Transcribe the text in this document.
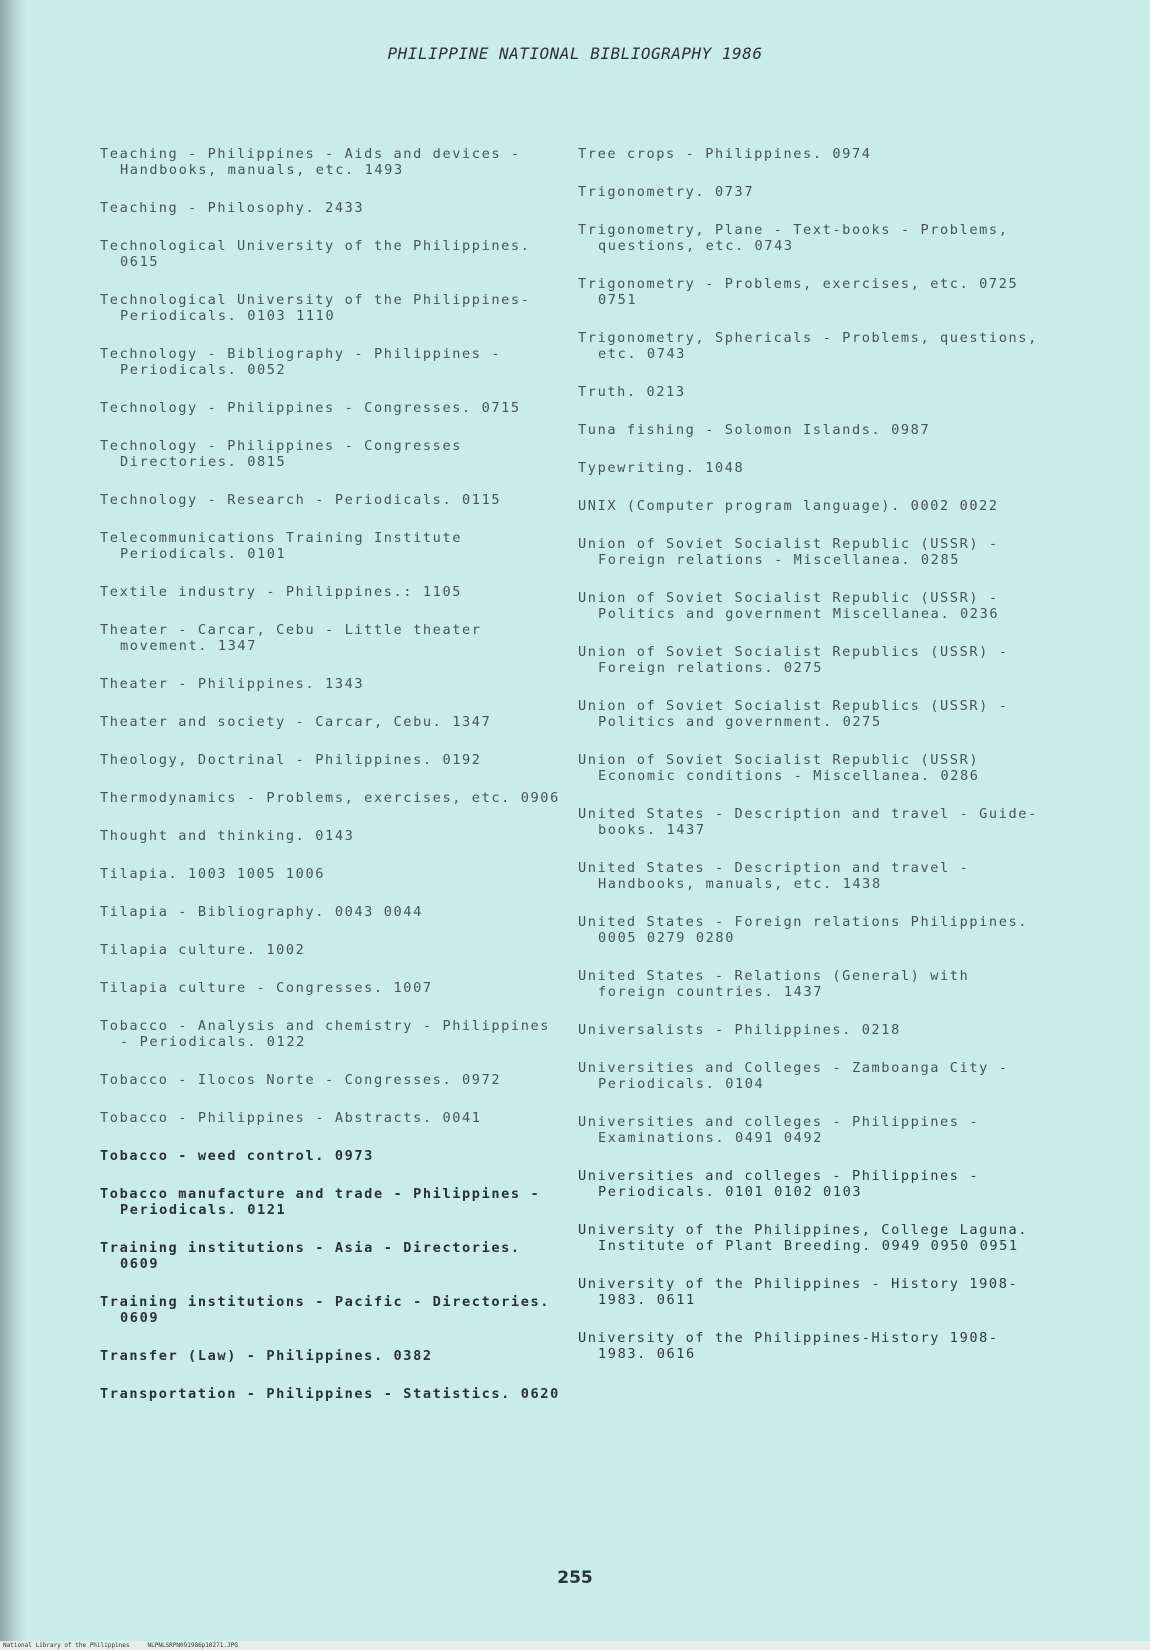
PHILIPPINE NATIONAL BIBLIOGRAPHY 1986
Teaching - Philippines - Aids and devices - Handbooks, manuals, etc. 1493
Teaching - Philosophy. 2433
Technological University of the Philippines. 0615
Technological University of the Philippines-Periodicals. 0103 1110
Technology - Bibliography - Philippines - Periodicals. 0052
Technology - Philippines - Congresses. 0715
Technology - Philippines - Congresses Directories. 0815
Technology - Research - Periodicals. 0115
Telecommunications Training Institute Periodicals. 0101
Textile industry - Philippines.: 1105
Theater - Carcar, Cebu - Little theater movement. 1347
Theater - Philippines. 1343
Theater and society - Carcar, Cebu. 1347
Theology, Doctrinal - Philippines. 0192
Thermodynamics - Problems, exercises, etc. 0906
Thought and thinking. 0143
Tilapia. 1003 1005 1006
Tilapia - Bibliography. 0043 0044
Tilapia culture. 1002
Tilapia culture - Congresses. 1007
Tobacco - Analysis and chemistry - Philippines - Periodicals. 0122
Tobacco - Ilocos Norte - Congresses. 0972
Tobacco - Philippines - Abstracts. 0041
Tobacco - weed control. 0973
Tobacco manufacture and trade - Philippines - Periodicals. 0121
Training institutions - Asia - Directories. 0609
Training institutions - Pacific - Directories. 0609
Transfer (Law) - Philippines. 0382
Transportation - Philippines - Statistics. 0620
Tree crops - Philippines. 0974
Trigonometry. 0737
Trigonometry, Plane - Text-books - Problems, questions, etc. 0743
Trigonometry - Problems, exercises, etc. 0725 0751
Trigonometry, Sphericals - Problems, questions, etc. 0743
Truth. 0213
Tuna fishing - Solomon Islands. 0987
Typewriting. 1048
UNIX (Computer program language). 0002 0022
Union of Soviet Socialist Republic (USSR) - Foreign relations - Miscellanea. 0285
Union of Soviet Socialist Republic (USSR) - Politics and government Miscellanea. 0236
Union of Soviet Socialist Republics (USSR) - Foreign relations. 0275
Union of Soviet Socialist Republics (USSR) - Politics and government. 0275
Union of Soviet Socialist Republic (USSR) Economic conditions - Miscellanea. 0286
United States - Description and travel - Guide-books. 1437
United States - Description and travel - Handbooks, manuals, etc. 1438
United States - Foreign relations Philippines. 0005 0279 0280
United States - Relations (General) with foreign countries. 1437
Universalists - Philippines. 0218
Universities and Colleges - Zamboanga City - Periodicals. 0104
Universities and colleges - Philippines - Examinations. 0491 0492
Universities and colleges - Philippines - Periodicals. 0101 0102 0103
University of the Philippines, College Laguna. Institute of Plant Breeding. 0949 0950 0951
University of the Philippines - History 1908-1983. 0611
University of the Philippines-History 1908-1983. 0616
255
National Library of the Philippines     NLPNLSRPN091986p10271.JPG
